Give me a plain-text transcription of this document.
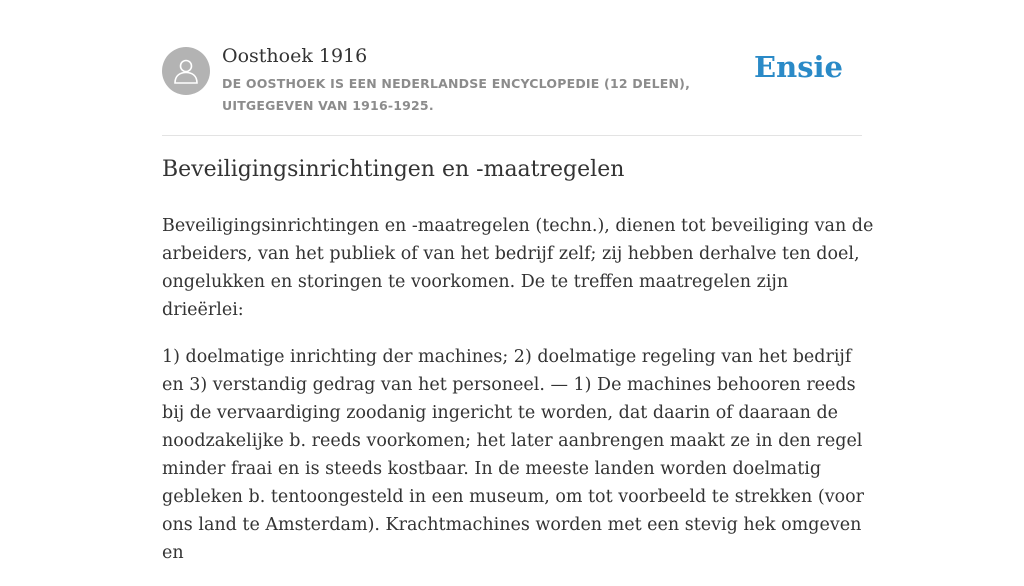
Oosthoek 1916
DE OOSTHOEK IS EEN NEDERLANDSE ENCYCLOPEDIE (12 DELEN), UITGEGEVEN VAN 1916-1925.
Ensie
Beveiligingsinrichtingen en -maatregelen

Beveiligingsinrichtingen en -maatregelen (techn.), dienen tot beveiliging van de arbeiders, van het publiek of van het bedrijf zelf; zij hebben derhalve ten doel, ongelukken en storingen te voorkomen. De te treffen maatregelen zijn drieërlei:

1) doelmatige inrichting der machines; 2) doelmatige regeling van het bedrijf en 3) verstandig gedrag van het personeel. — 1) De machines behooren reeds bij de vervaardiging zoodanig ingericht te worden, dat daarin of daaraan de noodzakelijke b. reeds voorkomen; het later aanbrengen maakt ze in den regel minder fraai en is steeds kostbaar. In de meeste landen worden doelmatig gebleken b. tentoongesteld in een museum, om tot voorbeeld te strekken (voor ons land te Amsterdam). Krachtmachines worden met een stevig hek omgeven en
